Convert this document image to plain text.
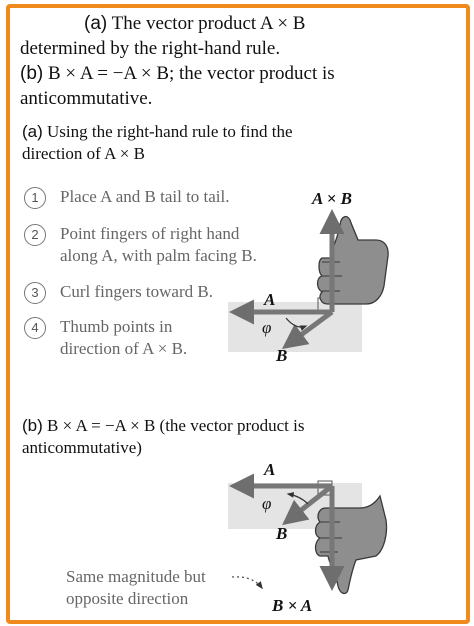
(a) The vector product A × B
determined by the right-hand rule.
(b) B × A = −A × B; the vector product is
anticommutative.
(a) Using the right-hand rule to find the
direction of A × B
1	Place A and B tail to tail.
2	Point fingers of right hand
along A, with palm facing B.
3	Curl fingers toward B.
4	Thumb points in
direction of A × B.
A × B
A
B
φ
(b) B × A = −A × B (the vector product is
anticommutative)
A
φ
B
B × A
Same magnitude but
opposite direction
